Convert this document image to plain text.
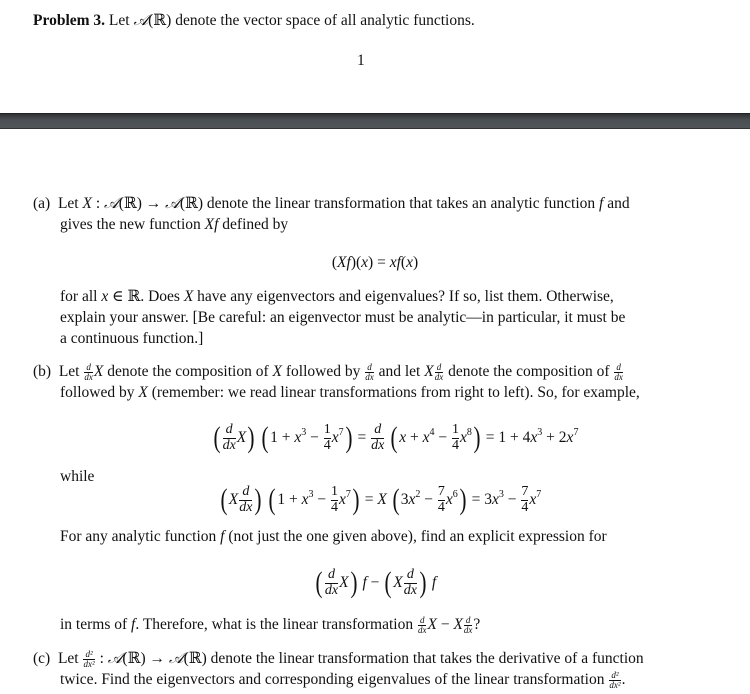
Problem 3. Let 𝒜(ℝ) denote the vector space of all analytic functions.
1
(a)  Let X : 𝒜(ℝ) → 𝒜(ℝ) denote the linear transformation that takes an analytic function f and
gives the new function Xf defined by
(Xf)(x) = xf(x)
for all x ∈ ℝ. Does X have any eigenvectors and eigenvalues? If so, list them. Otherwise,
explain your answer. [Be careful: an eigenvector must be analytic—in particular, it must be
a continuous function.]
(b)  Let $\frac{d}{dx}$ X denote the composition of X followed by $\frac{d}{dx}$ and let X $\frac{d}{dx}$ denote the composition of $\frac{d}{dx}$
followed by X (remember: we read linear transformations from right to left). So, for example,
( $\frac{d}{dx} X$) $(1 + x^3 - \frac{1}{4} x^7) = \frac{d}{dx} (x + x^4 - \frac{1}{4} x^8) = 1 + 4x^3 + 2x^7$
while
($X \frac{d}{dx}$ ) $(1 + x^3 - \frac{1}{4} x^7) = X$ $(3x^2 - \frac{7}{4} x^6) = 3x^3 - \frac{7}{4} x^7$
For any analytic function f (not just the one given above), find an explicit expression for
( $\frac{d}{dx} X$) $f - (X \frac{d}{dx}$ ) f
in terms of f. Therefore, what is the linear transformation $\frac{d}{dx}$ X − X $\frac{d}{dx}$ ?
(c)  Let $\frac{\text{d²}}{\text{dx²}}$ : 𝒜(ℝ) → 𝒜(ℝ) denote the linear transformation that takes the derivative of a function
twice. Find the eigenvectors and corresponding eigenvalues of the linear transformation $\frac{\text{d²}}{\text{dx²}}$ .
